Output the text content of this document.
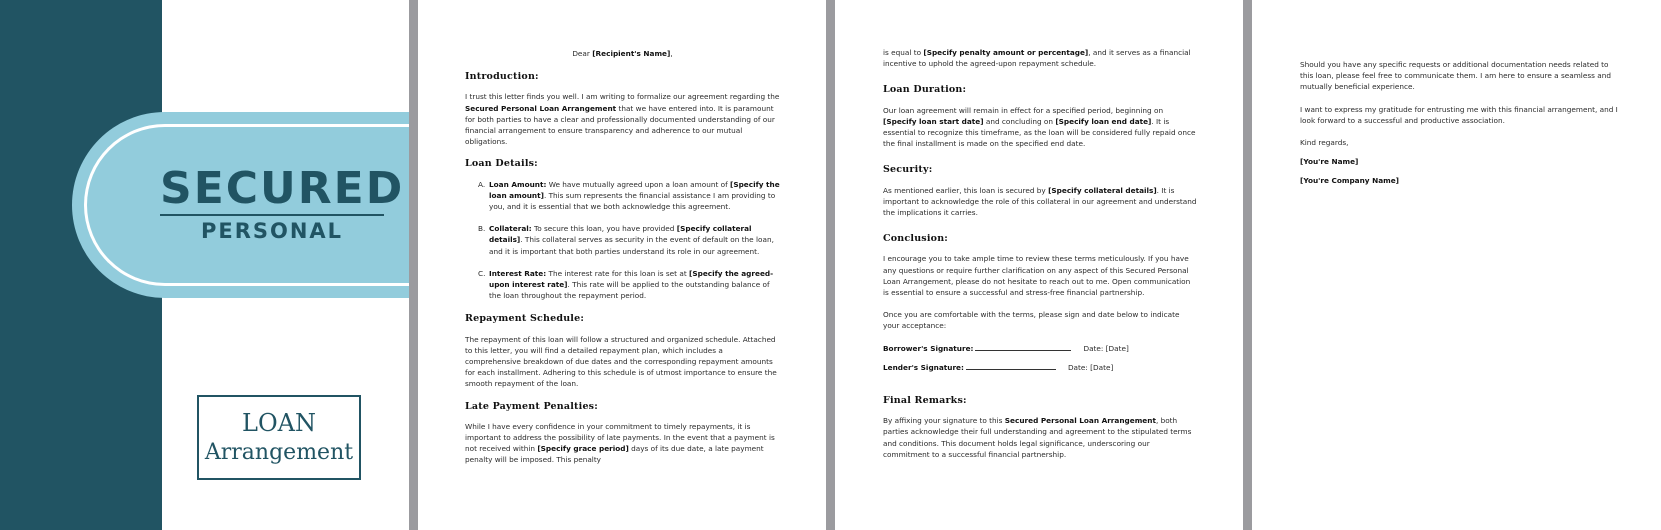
SECURED
PERSONAL
LOAN
Arrangement

Dear [Recipient's Name],

Introduction:

I trust this letter finds you well. I am writing to formalize our agreement regarding the Secured Personal Loan Arrangement that we have entered into. It is paramount for both parties to have a clear and professionally documented understanding of our financial arrangement to ensure transparency and adherence to our mutual obligations.

Loan Details:
A. Loan Amount: We have mutually agreed upon a loan amount of [Specify the loan amount]. This sum represents the financial assistance I am providing to you, and it is essential that we both acknowledge this agreement.
B. Collateral: To secure this loan, you have provided [Specify collateral details]. This collateral serves as security in the event of default on the loan, and it is important that both parties understand its role in our agreement.
C. Interest Rate: The interest rate for this loan is set at [Specify the agreed-upon interest rate]. This rate will be applied to the outstanding balance of the loan throughout the repayment period.
Repayment Schedule:

The repayment of this loan will follow a structured and organized schedule. Attached to this letter, you will find a detailed repayment plan, which includes a comprehensive breakdown of due dates and the corresponding repayment amounts for each installment. Adhering to this schedule is of utmost importance to ensure the smooth repayment of the loan.

Late Payment Penalties:

While I have every confidence in your commitment to timely repayments, it is important to address the possibility of late payments. In the event that a payment is not received within [Specify grace period] days of its due date, a late payment penalty will be imposed. This penalty

is equal to [Specify penalty amount or percentage], and it serves as a financial incentive to uphold the agreed-upon repayment schedule.

Loan Duration:

Our loan agreement will remain in effect for a specified period, beginning on [Specify loan start date] and concluding on [Specify loan end date]. It is essential to recognize this timeframe, as the loan will be considered fully repaid once the final installment is made on the specified end date.

Security:

As mentioned earlier, this loan is secured by [Specify collateral details]. It is important to acknowledge the role of this collateral in our agreement and understand the implications it carries.

Conclusion:

I encourage you to take ample time to review these terms meticulously. If you have any questions or require further clarification on any aspect of this Secured Personal Loan Arrangement, please do not hesitate to reach out to me. Open communication is essential to ensure a successful and stress-free financial partnership.

Once you are comfortable with the terms, please sign and date below to indicate your acceptance:

Borrower's Signature:	Date: [Date]

Lender's Signature:	Date: [Date]

Final Remarks:

By affixing your signature to this Secured Personal Loan Arrangement, both parties acknowledge their full understanding and agreement to the stipulated terms and conditions. This document holds legal significance, underscoring our commitment to a successful financial partnership.

Should you have any specific requests or additional documentation needs related to this loan, please feel free to communicate them. I am here to ensure a seamless and mutually beneficial experience.

I want to express my gratitude for entrusting me with this financial arrangement, and I look forward to a successful and productive association.

Kind regards,

[You're Name]

[You're Company Name]
